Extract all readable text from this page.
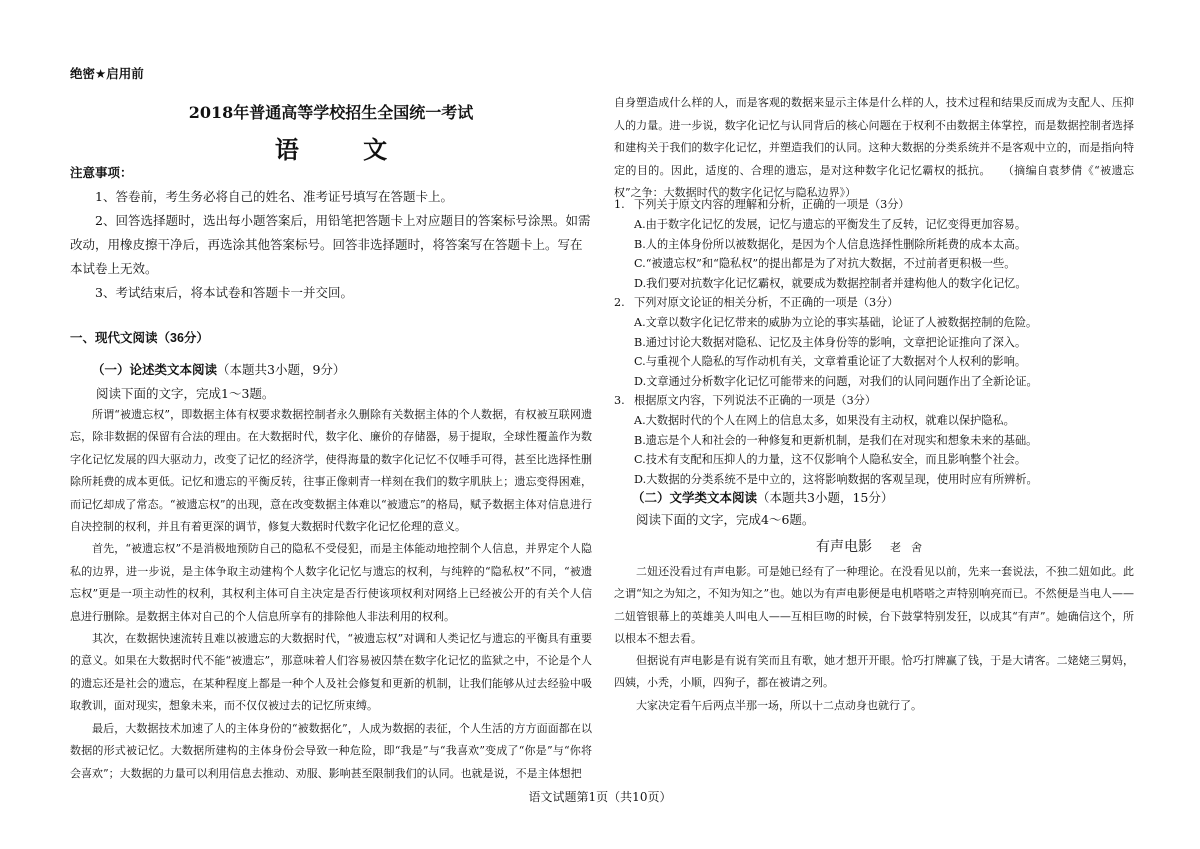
绝密★启用前
2018年普通高等学校招生全国统一考试
语 文
注意事项：

1、答卷前，考生务必将自己的姓名、准考证号填写在答题卡上。

2、回答选择题时，选出每小题答案后，用铅笔把答题卡上对应题目的答案标号涂黑。如需改动，用橡皮擦干净后，再选涂其他答案标号。回答非选择题时，将答案写在答题卡上。写在本试卷上无效。

3、考试结束后，将本试卷和答题卡一并交回。

一、现代文阅读（36分）
（一）论述类文本阅读（本题共3小题，9分）
阅读下面的文字，完成1～3题。

所谓“被遗忘权”，即数据主体有权要求数据控制者永久删除有关数据主体的个人数据，有权被互联网遗忘，除非数据的保留有合法的理由。在大数据时代，数字化、廉价的存储器，易于提取，全球性覆盖作为数字化记忆发展的四大驱动力，改变了记忆的经济学，使得海量的数字化记忆不仅唾手可得，甚至比选择性删除所耗费的成本更低。记忆和遗忘的平衡反转，往事正像刺青一样刻在我们的数字肌肤上；遗忘变得困难，而记忆却成了常态。“被遗忘权”的出现，意在改变数据主体难以“被遗忘”的格局，赋予数据主体对信息进行自决控制的权利，并且有着更深的调节，修复大数据时代数字化记忆伦理的意义。

首先，“被遗忘权”不是消极地预防自己的隐私不受侵犯，而是主体能动地控制个人信息，并界定个人隐私的边界，进一步说，是主体争取主动建构个人数字化记忆与遗忘的权利，与纯粹的“隐私权”不同，“被遗忘权”更是一项主动性的权利，其权利主体可自主决定是否行使该项权利对网络上已经被公开的有关个人信息进行删除。是数据主体对自己的个人信息所享有的排除他人非法利用的权利。

其次，在数据快速流转且难以被遗忘的大数据时代，“被遗忘权”对调和人类记忆与遗忘的平衡具有重要的意义。如果在大数据时代不能“被遗忘”，那意味着人们容易被囚禁在数字化记忆的监狱之中，不论是个人的遗忘还是社会的遗忘，在某种程度上都是一种个人及社会修复和更新的机制，让我们能够从过去经验中吸取教训，面对现实，想象未来，而不仅仅被过去的记忆所束缚。

最后，大数据技术加速了人的主体身份的“被数据化”，人成为数据的表征，个人生活的方方面面都在以数据的形式被记忆。大数据所建构的主体身份会导致一种危险，即“我是”与“我喜欢”变成了“你是”与“你将会喜欢”；大数据的力量可以利用信息去推动、劝服、影响甚至限制我们的认同。也就是说，不是主体想把

自身塑造成什么样的人，而是客观的数据来显示主体是什么样的人，技术过程和结果反而成为支配人、压抑人的力量。进一步说，数字化记忆与认同背后的核心问题在于权利不由数据主体掌控，而是数据控制者选择和建构关于我们的数字化记忆，并塑造我们的认同。这种大数据的分类系统并不是客观中立的，而是指向特定的目的。因此，适度的、合理的遗忘，是对这种数字化记忆霸权的抵抗。　　 （摘编自袁梦倩《“被遗忘权”之争：大数据时代的数字化记忆与隐私边界》）

1. 下列关于原文内容的理解和分析，正确的一项是（3分）
A.由于数字化记忆的发展，记忆与遗忘的平衡发生了反转，记忆变得更加容易。
B.人的主体身份所以被数据化，是因为个人信息选择性删除所耗费的成本太高。
C.“被遗忘权”和“隐私权”的提出都是为了对抗大数据，不过前者更积极一些。
D.我们要对抗数字化记忆霸权，就要成为数据控制者并建构他人的数字化记忆。
2. 下列对原文论证的相关分析，不正确的一项是（3分）
A.文章以数字化记忆带来的威胁为立论的事实基础，论证了人被数据控制的危险。
B.通过讨论大数据对隐私、记忆及主体身份等的影响，文章把论证推向了深入。
C.与重视个人隐私的写作动机有关，文章着重论证了大数据对个人权利的影响。
D.文章通过分析数字化记忆可能带来的问题，对我们的认同问题作出了全新论证。
3. 根据原文内容，下列说法不正确的一项是（3分）
A.大数据时代的个人在网上的信息太多，如果没有主动权，就难以保护隐私。
B.遗忘是个人和社会的一种修复和更新机制，是我们在对现实和想象未来的基础。
C.技术有支配和压抑人的力量，这不仅影响个人隐私安全，而且影响整个社会。
D.大数据的分类系统不是中立的，这将影响数据的客观呈现，使用时应有所辨析。
（二）文学类文本阅读（本题共3小题，15分）
阅读下面的文字，完成4～6题。
有声电影 老舍

二妞还没看过有声电影。可是她已经有了一种理论。在没看见以前，先来一套说法，不独二妞如此。此之谓“知之为知之，不知为知之”也。她以为有声电影便是电机嗒嗒之声特别响亮而已。不然便是当电人——二妞管银幕上的英雄美人叫电人——互相巨吻的时候，台下鼓掌特别发狂，以成其“有声”。她确信这个，所以根本不想去看。

但据说有声电影是有说有笑而且有歌，她才想开开眼。恰巧打牌赢了钱，于是大请客。二姥姥三舅妈，四姨，小秃，小顺，四狗子，都在被请之列。

大家决定看午后两点半那一场，所以十二点动身也就行了。

语文试题第1页（共10页）
